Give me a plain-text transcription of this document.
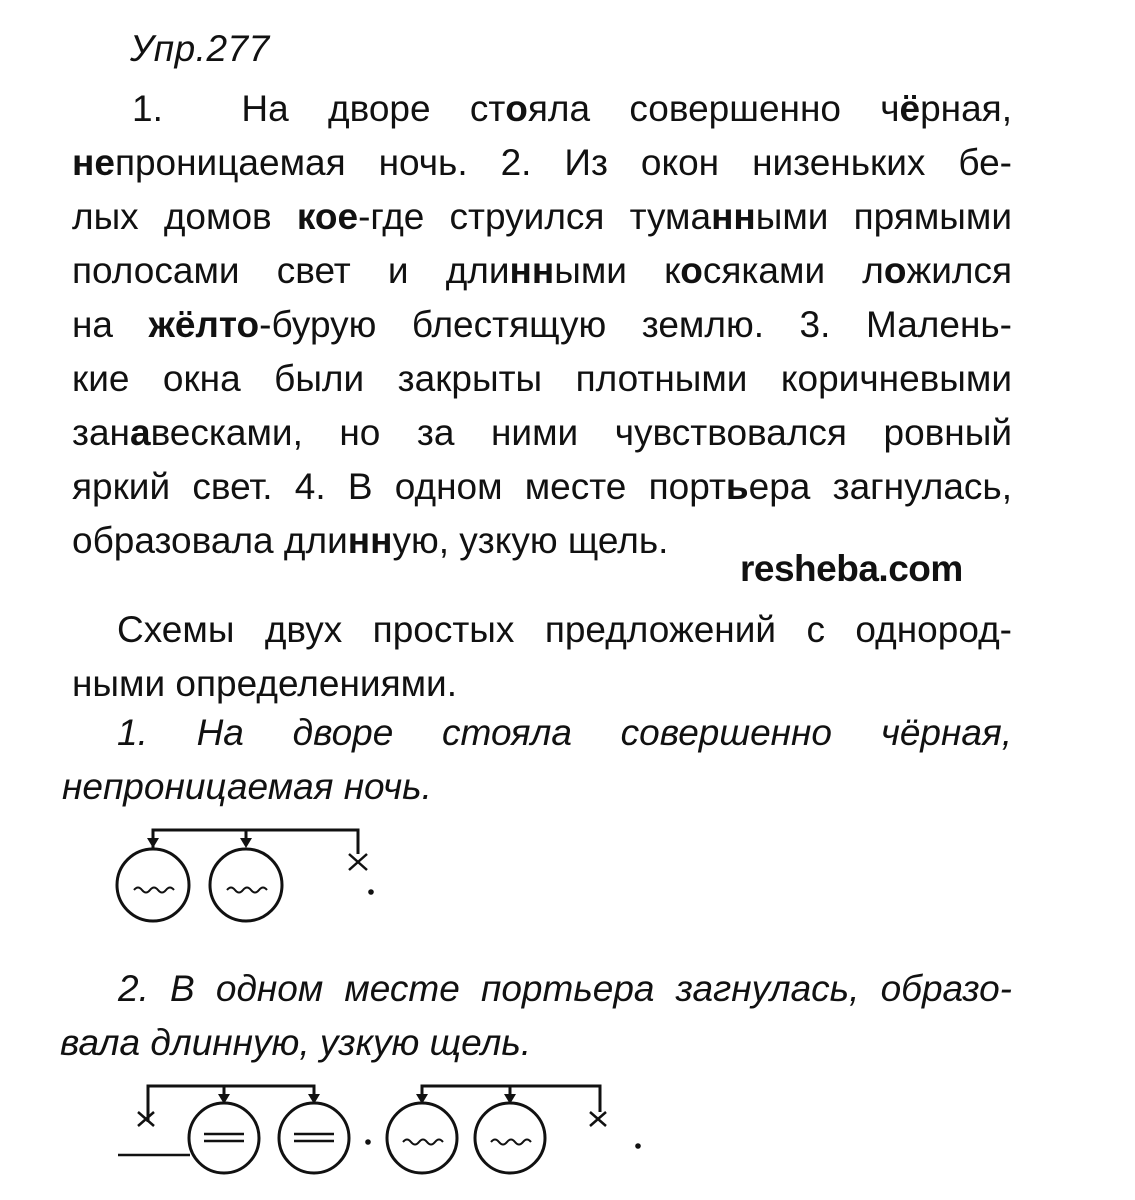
Упр.277
1. На дворе стояла совершенно чёрная,
непроницаемая ночь. 2. Из окон низеньких бе-
лых домов кое-где струился туманными прямыми
полосами свет и длинными косяками ложился
на жёлто-бурую блестящую землю. 3. Малень-
кие окна были закрыты плотными коричневыми
занавесками, но за ними чувствовался ровный
яркий свет. 4. В одном месте портьера загнулась,
образовала длинную, узкую щель.
resheba.com
Схемы двух простых предложений с однород-
ными определениями.
1. На дворе стояла совершенно чёрная,
непроницаемая ночь.
2. В одном месте портьера загнулась, образо-
вала длинную, узкую щель.
